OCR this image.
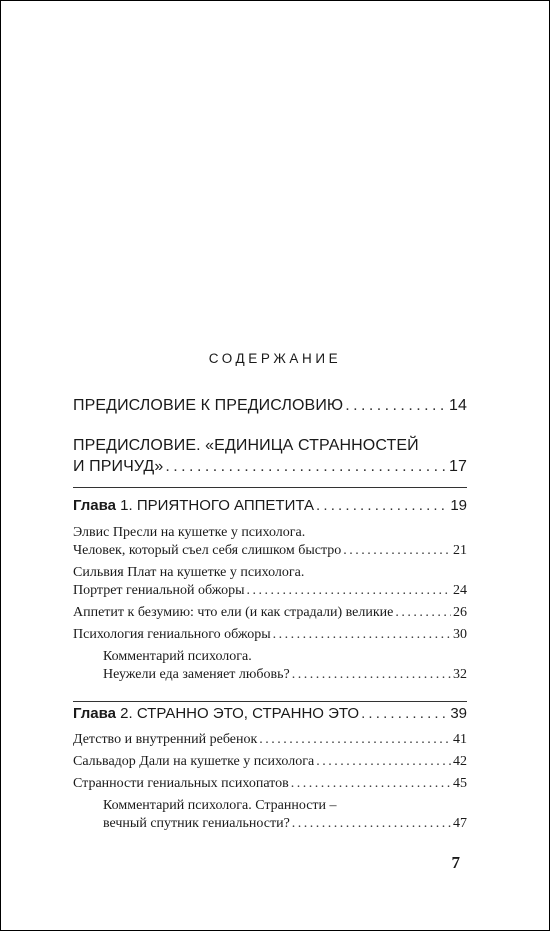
СОДЕРЖАНИЕ
ПРЕДИСЛОВИЕ К ПРЕДИСЛОВИЮ . . .	14
ПРЕДИСЛОВИЕ. «ЕДИНИЦА СТРАННОСТЕЙ
И ПРИЧУД» . . .	17
Глава 1. ПРИЯТНОГО АППЕТИТА . . .	19
Элвис Пресли на кушетке у психолога.
Человек, который съел себя слишком быстро . . .	21
Сильвия Плат на кушетке у психолога.
Портрет гениальной обжоры . . .	24
Аппетит к безумию: что ели (и как страдали) великие . . .	26
Психология гениального обжоры . . .	30
Комментарий психолога.
Неужели еда заменяет любовь? . . .	32
Глава 2. СТРАННО ЭТО, СТРАННО ЭТО . . .	39
Детство и внутренний ребенок . . .	41
Сальвадор Дали на кушетке у психолога . . .	42
Странности гениальных психопатов . . .	45
Комментарий психолога. Странности –
вечный спутник гениальности? . . .	47
7
